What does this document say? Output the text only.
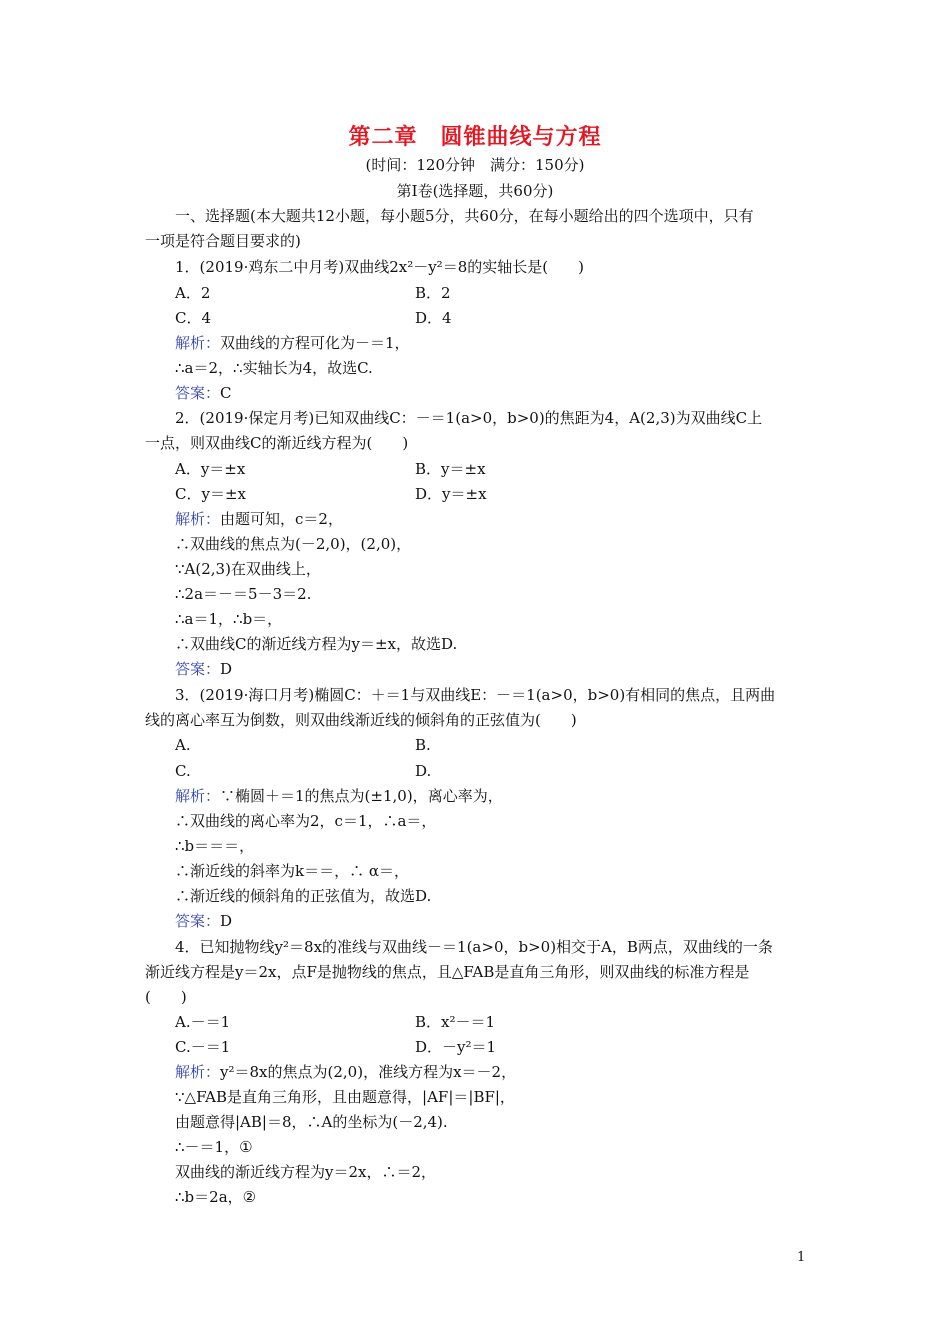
第二章　圆锥曲线与方程
(时间：120分钟　满分：150分)
第Ⅰ卷(选择题，共60分)
一、选择题(本大题共12小题，每小题5分，共60分，在每小题给出的四个选项中，只有
一项是符合题目要求的)
1．(2019·鸡东二中月考)双曲线2x²－y²＝8的实轴长是(　　)
A．2	B．2
C．4	D．4
解析：双曲线的方程可化为－＝1，
∴a＝2，∴实轴长为4，故选C.
答案：C
2．(2019·保定月考)已知双曲线C：－＝1(a>0，b>0)的焦距为4，A(2,3)为双曲线C上
一点，则双曲线C的渐近线方程为(　　)
A．y＝±x	B．y＝±x
C．y＝±x	D．y＝±x
解析：由题可知，c＝2，
∴双曲线的焦点为(－2,0)，(2,0)，
∵A(2,3)在双曲线上，
∴2a＝－＝5－3＝2.
∴a＝1，∴b＝，
∴双曲线C的渐近线方程为y＝±x，故选D.
答案：D
3．(2019·海口月考)椭圆C：＋＝1与双曲线E：－＝1(a>0，b>0)有相同的焦点，且两曲
线的离心率互为倒数，则双曲线渐近线的倾斜角的正弦值为(　　)
A.	B.
C.	D.
解析：∵椭圆＋＝1的焦点为(±1,0)，离心率为，
∴双曲线的离心率为2，c＝1，∴a＝，
∴b＝＝＝，
∴渐近线的斜率为k＝＝，∴ α＝，
∴渐近线的倾斜角的正弦值为，故选D.
答案：D
4．已知抛物线y²＝8x的准线与双曲线－＝1(a>0，b>0)相交于A，B两点，双曲线的一条
渐近线方程是y＝2x，点F是抛物线的焦点，且△FAB是直角三角形，则双曲线的标准方程是
(　　)
A.－＝1	B．x²－＝1
C.－＝1	D．－y²＝1
解析：y²＝8x的焦点为(2,0)，准线方程为x＝－2，
∵△FAB是直角三角形，且由题意得，|AF|＝|BF|，
由题意得|AB|＝8，∴A的坐标为(－2,4).
∴－＝1，①
双曲线的渐近线方程为y＝2x，∴＝2，
∴b＝2a，②
1
